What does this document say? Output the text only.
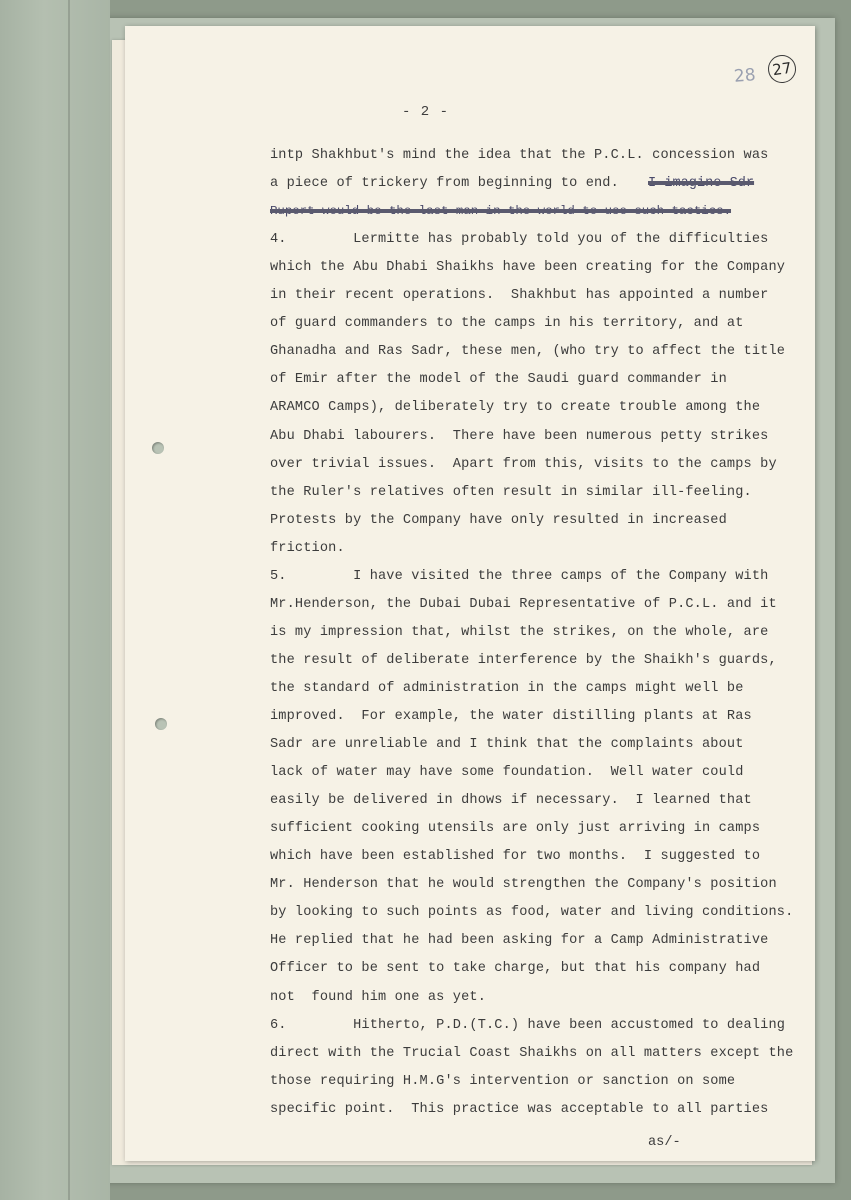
27
28
- 2 -
intp Shakhbut's mind the idea that the P.C.L. concession was
a piece of trickery from beginning to end.
4.        Lermitte has probably told you of the difficulties
which the Abu Dhabi Shaikhs have been creating for the Company
in their recent operations.  Shakhbut has appointed a number
of guard commanders to the camps in his territory, and at
Ghanadha and Ras Sadr, these men, (who try to affect the title
of Emir after the model of the Saudi guard commander in
ARAMCO Camps), deliberately try to create trouble among the
Abu Dhabi labourers.  There have been numerous petty strikes
over trivial issues.  Apart from this, visits to the camps by
the Ruler's relatives often result in similar ill-feeling.
Protests by the Company have only resulted in increased
friction.
5.        I have visited the three camps of the Company with
Mr.Henderson, the Dubai Dubai Representative of P.C.L. and it
is my impression that, whilst the strikes, on the whole, are
the result of deliberate interference by the Shaikh's guards,
the standard of administration in the camps might well be
improved.  For example, the water distilling plants at Ras
Sadr are unreliable and I think that the complaints about
lack of water may have some foundation.  Well water could
easily be delivered in dhows if necessary.  I learned that
sufficient cooking utensils are only just arriving in camps
which have been established for two months.  I suggested to
Mr. Henderson that he would strengthen the Company's position
by looking to such points as food, water and living conditions.
He replied that he had been asking for a Camp Administrative
Officer to be sent to take charge, but that his company had
not  found him one as yet.
6.        Hitherto, P.D.(T.C.) have been accustomed to dealing
direct with the Trucial Coast Shaikhs on all matters except the
those requiring H.M.G's intervention or sanction on some
specific point.  This practice was acceptable to all parties
I imagine Sdr
Rupert would be the last man in the world to use such tactics.
as/-
